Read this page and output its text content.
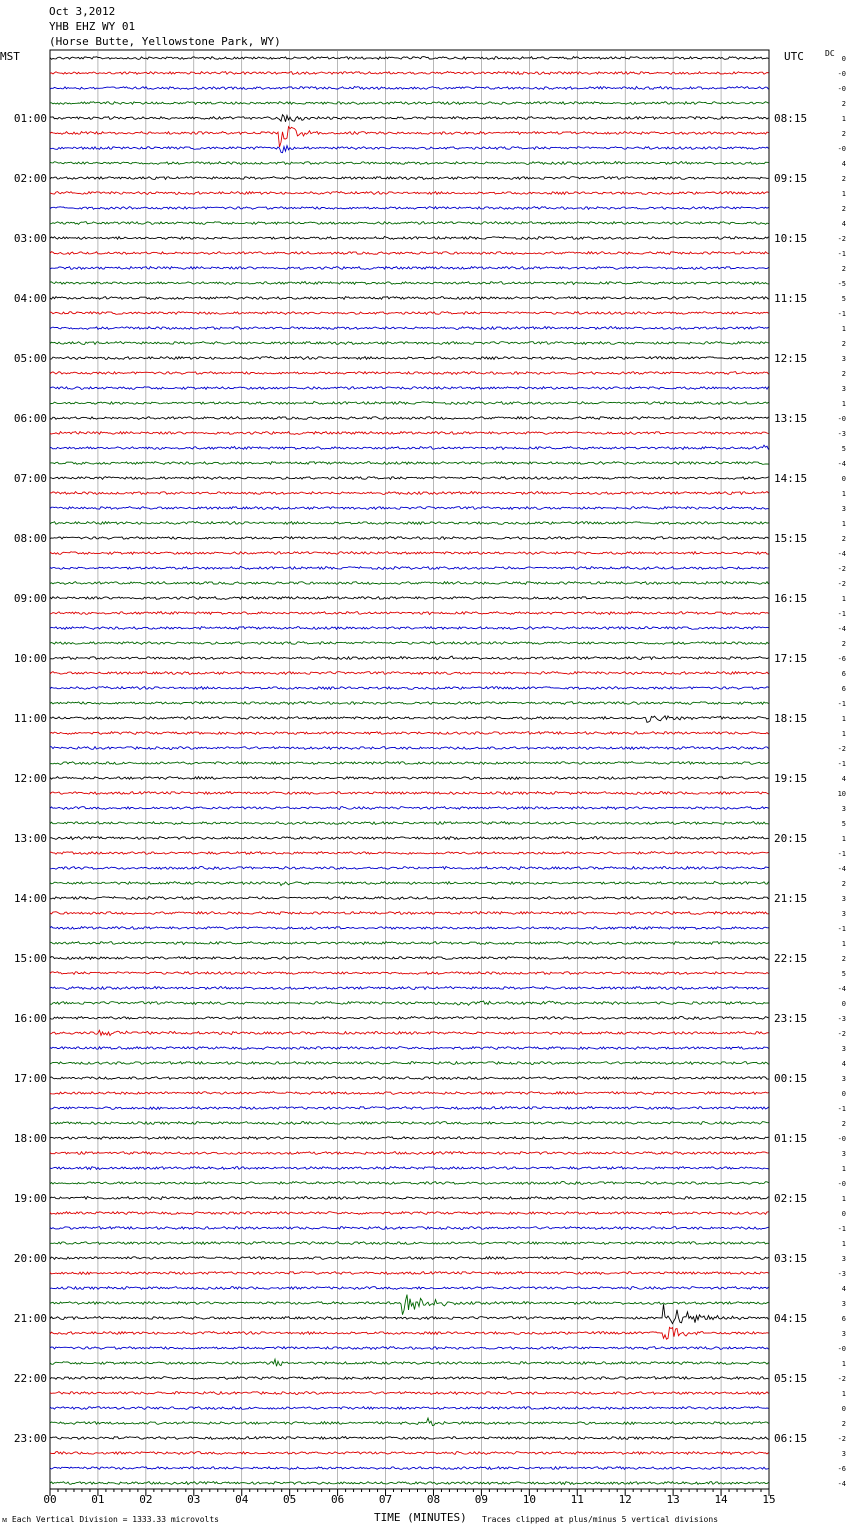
Oct 3,2012
YHB EHZ WY 01
(Horse Butte, Yellowstone Park, WY)
MST	UTC	DC
00	01	02	03	04	05	06	07	08	09	10	11	12	13	14	15
0
-0
-0
2
1
2
-0
4
2
1
2
4
-2
-1
2
-5
5
-1
1
2
3
2
3
1
-0
-3
5
-4
0
1
3
1
2
-4
-2
-2
1
-1
-4
2
-6
6
6
-1
1
1
-2
-1
4
10
3
5
1
-1
-4
2
3
3
-1
1
2
5
-4
0
-3
-2
3
4
3
0
-1
2
-0
3
1
-0
1
0
-1
1
3
-3
4
3
6
3
-0
1
-2
1
0
2
-2
3
-6
-4
01:00
02:00
03:00
04:00
05:00
06:00
07:00
08:00
09:00
10:00
11:00
12:00
13:00
14:00
15:00
16:00
17:00
18:00
19:00
20:00
21:00
22:00
23:00
08:15
09:15
10:15
11:15
12:15
13:15
14:15
15:15
16:15
17:15
18:15
19:15
20:15
21:15
22:15
23:15
00:15
01:15
02:15
03:15
04:15
05:15
06:15
ᴍ Each Vertical Division = 1333.33 microvolts	TIME (MINUTES) Traces clipped at plus/minus 5 vertical divisions
